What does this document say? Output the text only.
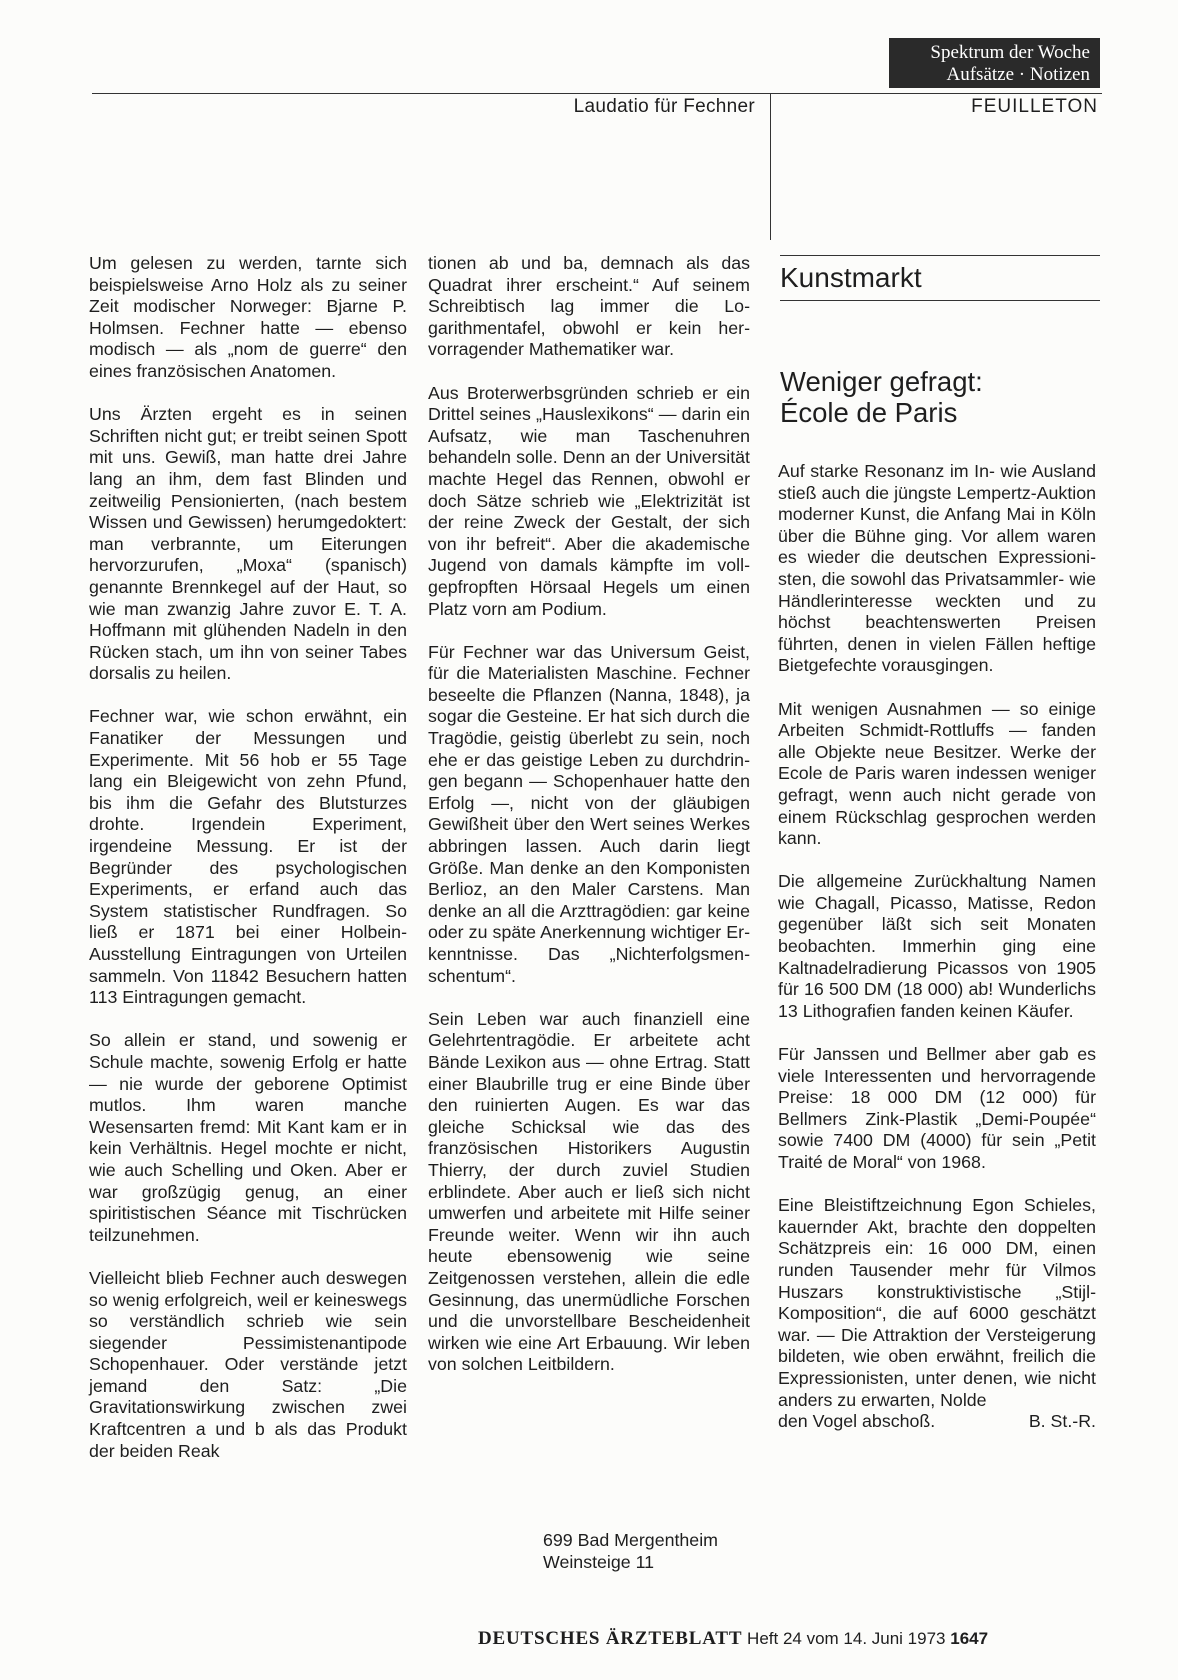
Spektrum der Woche
Aufsätze · Notizen
Laudatio für Fechner	FEUILLETON

Um gelesen zu werden, tarnte sich beispielsweise Arno Holz als zu seiner Zeit modischer Norweger: Bjarne P. Holmsen. Fechner hatte — ebenso modisch — als „nom de guerre“ den eines französischen Anatomen.

Uns Ärzten ergeht es in seinen Schriften nicht gut; er treibt seinen Spott mit uns. Gewiß, man hatte drei Jahre lang an ihm, dem fast Blinden und zeitweilig Pensionierten, (nach bestem Wissen und Gewissen) herumgedoktert: man verbrannte, um Eiterungen hervorzurufen, „Moxa“ (spanisch) genannte Brennkegel auf der Haut, so wie man zwanzig Jahre zuvor E. T. A. Hoffmann mit glühenden Nadeln in den Rücken stach, um ihn von seiner Tabes dorsalis zu heilen.

Fechner war, wie schon erwähnt, ein Fanatiker der Messungen und Experimente. Mit 56 hob er 55 Tage lang ein Bleigewicht von zehn Pfund, bis ihm die Gefahr des Blutsturzes drohte. Irgendein Experiment, irgendeine Messung. Er ist der Begründer des psychologischen Experiments, er erfand auch das System statistischer Rundfragen. So ließ er 1871 bei einer Holbein-Ausstellung Eintragungen von Urteilen sammeln. Von 11842 Besuchern hatten 113 Eintragungen gemacht.

So allein er stand, und sowenig er Schule machte, sowenig Erfolg er hatte — nie wurde der geborene Optimist mutlos. Ihm waren manche Wesensarten fremd: Mit Kant kam er in kein Verhältnis. Hegel mochte er nicht, wie auch Schelling und Oken. Aber er war großzügig genug, an einer spiritistischen Séance mit Tischrücken teilzunehmen.

Vielleicht blieb Fechner auch deswegen so wenig erfolgreich, weil er keineswegs so verständlich schrieb wie sein siegender Pessimistenantipode Schopenhauer. Oder verstände jetzt jemand den Satz: „Die Gravitationswirkung zwischen zwei Kraftcentren a und b als das Produkt der beiden Reak

tionen ab und ba, demnach als das Quadrat ihrer erscheint.“ Auf seinem Schreibtisch lag immer die Logarithmentafel, obwohl er kein hervorragender Mathematiker war.

Aus Broterwerbsgründen schrieb er ein Drittel seines „Hauslexikons“ — darin ein Aufsatz, wie man Taschenuhren behandeln solle. Denn an der Universität machte Hegel das Rennen, obwohl er doch Sätze schrieb wie „Elektrizität ist der reine Zweck der Gestalt, der sich von ihr befreit“. Aber die akademische Jugend von damals kämpfte im vollgepfropften Hörsaal Hegels um einen Platz vorn am Podium.

Für Fechner war das Universum Geist, für die Materialisten Maschine. Fechner beseelte die Pflanzen (Nanna, 1848), ja sogar die Gesteine. Er hat sich durch die Tragödie, geistig überlebt zu sein, noch ehe er das geistige Leben zu durchdringen begann — Schopenhauer hatte den Erfolg —, nicht von der gläubigen Gewißheit über den Wert seines Werkes abbringen lassen. Auch darin liegt Größe. Man denke an den Komponisten Berlioz, an den Maler Carstens. Man denke an all die Arzttragödien: gar keine oder zu späte Anerkennung wichtiger Erkenntnisse. Das „Nichterfolgsmenschentum“.

Sein Leben war auch finanziell eine Gelehrtentragödie. Er arbeitete acht Bände Lexikon aus — ohne Ertrag. Statt einer Blaubrille trug er eine Binde über den ruinierten Augen. Es war das gleiche Schicksal wie das des französischen Historikers Augustin Thierry, der durch zuviel Studien erblindete. Aber auch er ließ sich nicht umwerfen und arbeitete mit Hilfe seiner Freunde weiter. Wenn wir ihn auch heute ebensowenig wie seine Zeitgenossen verstehen, allein die edle Gesinnung, das unermüdliche Forschen und die unvorstellbare Bescheidenheit wirken wie eine Art Erbauung. Wir leben von solchen Leitbildern.

699 Bad Mergentheim
Weinsteige 11
Kunstmarkt
Weniger gefragt:
École de Paris

Auf starke Resonanz im In- wie Ausland stieß auch die jüngste Lempertz-Auktion moderner Kunst, die Anfang Mai in Köln über die Bühne ging. Vor allem waren es wieder die deutschen Expressionisten, die sowohl das Privatsammler- wie Händlerinteresse weckten und zu höchst beachtenswerten Preisen führten, denen in vielen Fällen heftige Bietgefechte vorausgingen.

Mit wenigen Ausnahmen — so einige Arbeiten Schmidt-Rottluffs — fanden alle Objekte neue Besitzer. Werke der Ecole de Paris waren indessen weniger gefragt, wenn auch nicht gerade von einem Rückschlag gesprochen werden kann.

Die allgemeine Zurückhaltung Namen wie Chagall, Picasso, Matisse, Redon gegenüber läßt sich seit Monaten beobachten. Immerhin ging eine Kaltnadelradierung Picassos von 1905 für 16 500 DM (18 000) ab! Wunderlichs 13 Lithografien fanden keinen Käufer.

Für Janssen und Bellmer aber gab es viele Interessenten und hervorragende Preise: 18 000 DM (12 000) für Bellmers Zink-Plastik „Demi-Poupée“ sowie 7400 DM (4000) für sein „Petit Traité de Moral“ von 1968.

Eine Bleistiftzeichnung Egon Schieles, kauernder Akt, brachte den doppelten Schätzpreis ein: 16 000 DM, einen runden Tausender mehr für Vilmos Huszars konstruktivistische „Stijl-Komposition“, die auf 6000 geschätzt war. — Die Attraktion der Versteigerung bildeten, wie oben erwähnt, freilich die Expressionisten, unter denen, wie nicht anders zu erwarten, Nolde

den Vogel abschoß.	B. St.-R.
DEUTSCHES ÄRZTEBLATT Heft 24 vom 14. Juni 1973 1647
